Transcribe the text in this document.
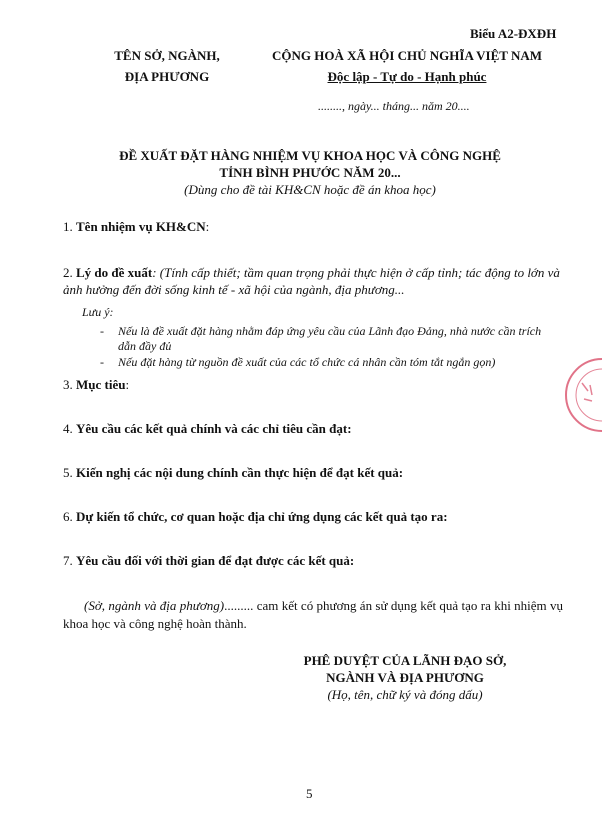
Biểu A2-ĐXĐH
TÊN SỞ, NGÀNH,
ĐỊA PHƯƠNG
CỘNG HOÀ XÃ HỘI CHỦ NGHĨA VIỆT NAM
Độc lập - Tự do - Hạnh phúc
........, ngày... tháng... năm 20....
ĐỀ XUẤT ĐẶT HÀNG NHIỆM VỤ KHOA HỌC VÀ CÔNG NGHỆ
TỈNH BÌNH PHƯỚC NĂM 20...
(Dùng cho đề tài KH&CN hoặc đề án khoa học)
1. Tên nhiệm vụ KH&CN:
2. Lý do đề xuất: (Tính cấp thiết; tầm quan trọng phải thực hiện ở cấp tỉnh; tác động to lớn và ảnh hưởng đến đời sống kinh tế - xã hội của ngành, địa phương...
Lưu ý:
- Nếu là đề xuất đặt hàng nhằm đáp ứng yêu cầu của Lãnh đạo Đảng, nhà nước cần trích dẫn đầy đủ
- Nếu đặt hàng từ nguồn đề xuất của các tổ chức cá nhân cần tóm tắt ngắn gọn)
3. Mục tiêu:
4. Yêu cầu các kết quả chính và các chỉ tiêu cần đạt:
5. Kiến nghị các nội dung chính cần thực hiện để đạt kết quả:
6. Dự kiến tổ chức, cơ quan hoặc địa chỉ ứng dụng các kết quả tạo ra:
7. Yêu cầu đối với thời gian để đạt được các kết quả:
(Sở, ngành và địa phương)......... cam kết có phương án sử dụng kết quả tạo ra khi nhiệm vụ khoa học và công nghệ hoàn thành.
PHÊ DUYỆT CỦA LÃNH ĐẠO SỞ,
NGÀNH VÀ ĐỊA PHƯƠNG
(Họ, tên, chữ ký và đóng dấu)
5
